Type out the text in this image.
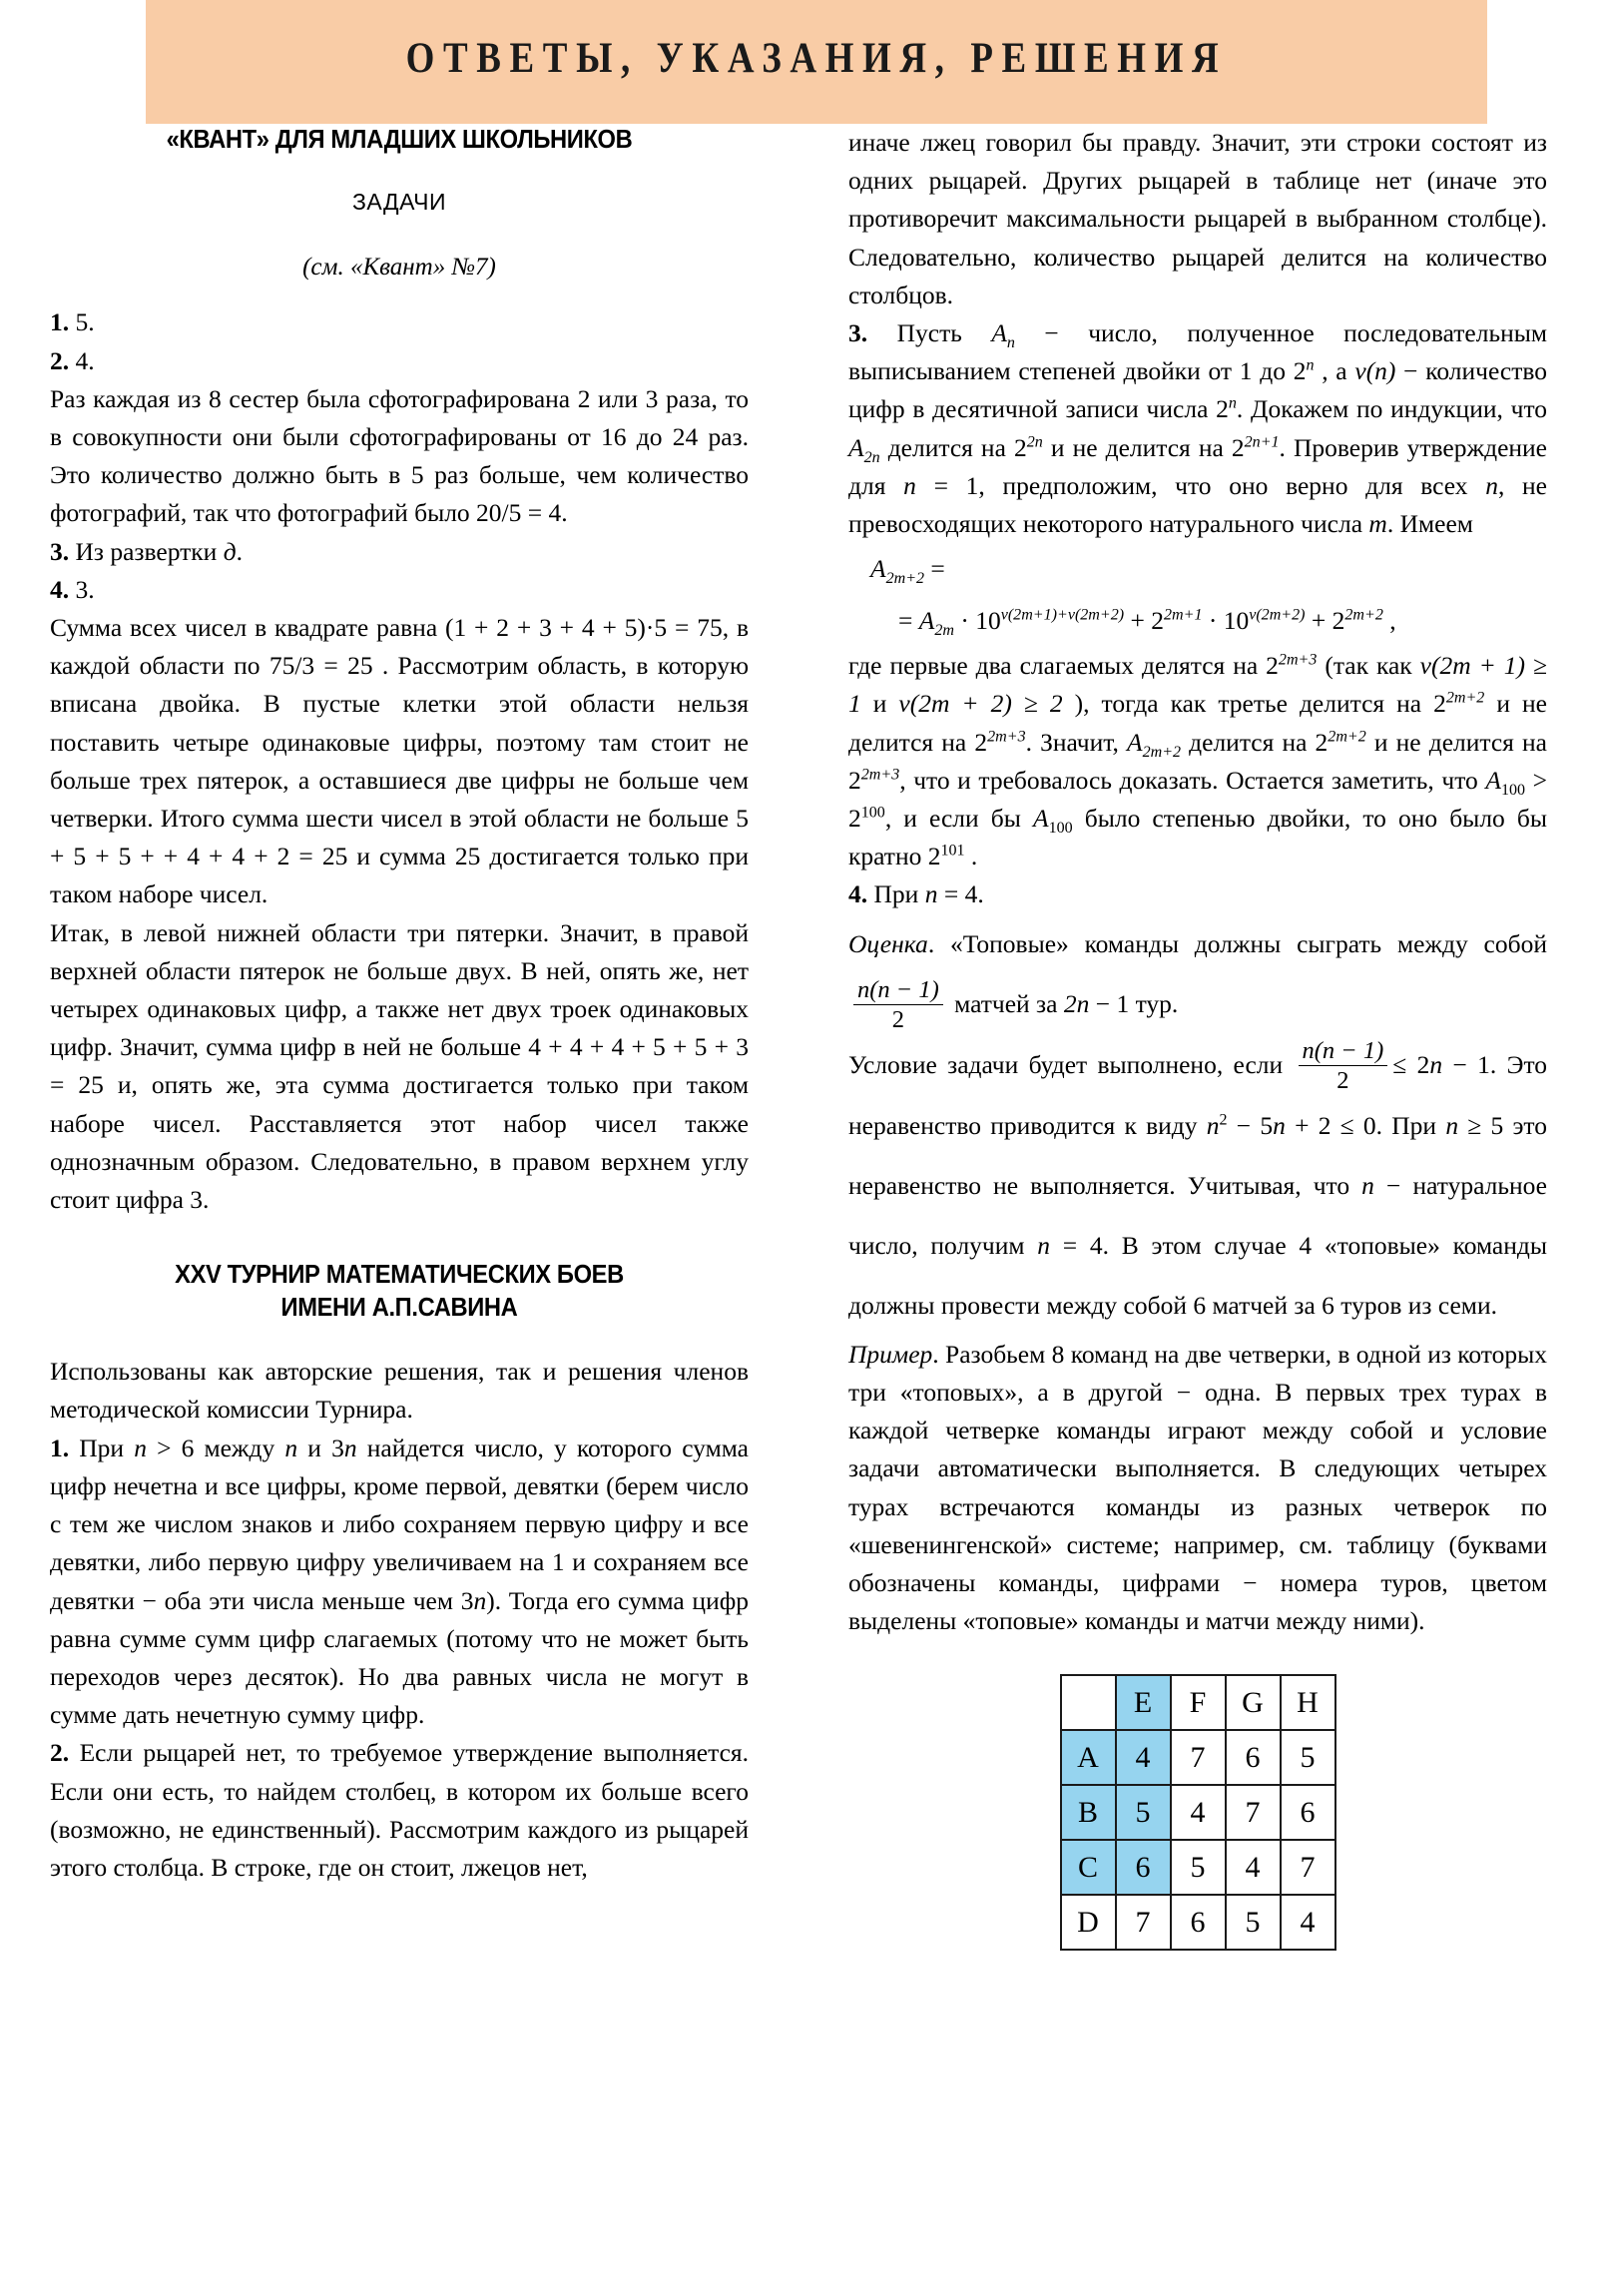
ОТВЕТЫ, УКАЗАНИЯ, РЕШЕНИЯ
«КВАНТ» ДЛЯ МЛАДШИХ ШКОЛЬНИКОВ
ЗАДАЧИ
(см. «Квант» №7)

1. 5.

2. 4.

Раз каждая из 8 сестер была сфотографирована 2 или 3 раза, то в совокупности они были сфотографированы от 16 до 24 раз. Это количество должно быть в 5 раз больше, чем количество фотографий, так что фотографий было 20/5 = 4.

3. Из развертки д.

4. 3.

Сумма всех чисел в квадрате равна (1 + 2 + 3 + 4 + 5)·5 = 75, в каждой области по 75/3 = 25 . Рассмотрим область, в которую вписана двойка. В пустые клетки этой области нельзя поставить четыре одинаковые цифры, поэтому там стоит не больше трех пятерок, а оставшиеся две цифры не больше чем четверки. Итого сумма шести чисел в этой области не больше 5 + 5 + 5 + + 4 + 4 + 2 = 25 и сумма 25 достигается только при таком наборе чисел.

Итак, в левой нижней области три пятерки. Значит, в правой верхней области пятерок не больше двух. В ней, опять же, нет четырех одинаковых цифр, а также нет двух троек одинаковых цифр. Значит, сумма цифр в ней не больше 4 + 4 + 4 + 5 + 5 + 3 = 25 и, опять же, эта сумма достигается только при таком наборе чисел. Расставляется этот набор чисел также однозначным образом. Следовательно, в правом верхнем углу стоит цифра 3.

XXV ТУРНИР МАТЕМАТИЧЕСКИХ БОЕВ
ИМЕНИ А.П.САВИНА

Использованы как авторские решения, так и решения членов методической комиссии Турнира.

1. При n > 6 между n и 3n найдется число, у которого сумма цифр нечетна и все цифры, кроме первой, девятки (берем число с тем же числом знаков и либо сохраняем первую цифру и все девятки, либо первую цифру увеличиваем на 1 и сохраняем все девятки − оба эти числа меньше чем 3n). Тогда его сумма цифр равна сумме сумм цифр слагаемых (потому что не может быть переходов через десяток). Но два равных числа не могут в сумме дать нечетную сумму цифр.

2. Если рыцарей нет, то требуемое утверждение выполняется. Если они есть, то найдем столбец, в котором их больше всего (возможно, не единственный). Рассмотрим каждого из рыцарей этого столбца. В строке, где он стоит, лжецов нет,

иначе лжец говорил бы правду. Значит, эти строки состоят из одних рыцарей. Других рыцарей в таблице нет (иначе это противоречит максимальности рыцарей в выбранном столбце). Следовательно, количество рыцарей делится на количество столбцов.

3. Пусть $A_n$ − число, полученное последовательным выписыванием степеней двойки от 1 до 2$^n$ , а ν(n) − количество цифр в десятичной записи числа 2$^n$. Докажем по индукции, что $A_{2n}$ делится на $2^{2n}$ и не делится на $2^{2n+1}$. Проверив утверждение для n = 1, предположим, что оно верно для всех n, не превосходящих некоторого натурального числа m. Имеем

$A_{2m+2}$ =
= $A_{2m} \cdot 10^{\nu(2m+1)+\nu(2m+2)} + 2^{2m+1} \cdot 10^{\nu(2m+2)} + 2^{2m+2}$ ,

где первые два слагаемых делятся на $2^{2m+3}$ (так как ν(2m + 1) ≥ 1 и ν(2m + 2) ≥ 2 ), тогда как третье делится на $2^{2m+2}$ и не делится на $2^{2m+3}$. Значит, $A_{2m+2}$ делится на $2^{2m+2}$ и не делится на $2^{2m+3}$, что и требовалось доказать. Остается заметить, что $A_{100} > 2^{100}$, и если бы $A_{100}$ было степенью двойки, то оно было бы кратно $2^{101}$ .

4. При n = 4.

Оценка. «Топовые» команды должны сыграть между собой
$\frac{n(n - 1)}{2}$ матчей за 2n − 1 тур.

Условие задачи будет выполнено, если $\frac{n(n - 1)}{2} \le 2n - 1$. Это неравенство приводится к виду $n^2 - 5n + 2 \le 0$. При n ≥ 5 это неравенство не выполняется. Учитывая, что n − натуральное число, получим n = 4. В этом случае 4 «топовые» команды должны провести между собой 6 матчей за 6 туров из семи.

Пример. Разобьем 8 команд на две четверки, в одной из которых три «топовых», а в другой − одна. В первых трех турах в каждой четверке команды играют между собой и условие задачи автоматически выполняется. В следующих четырех турах встречаются команды из разных четверок по «шевенингенской» системе; например, см. таблицу (буквами обозначены команды, цифрами − номера туров, цветом выделены «топовые» команды и матчи между ними).

	E	F	G	H
A	4	7	6	5
B	5	4	7	6
C	6	5	4	7
D	7	6	5	4
